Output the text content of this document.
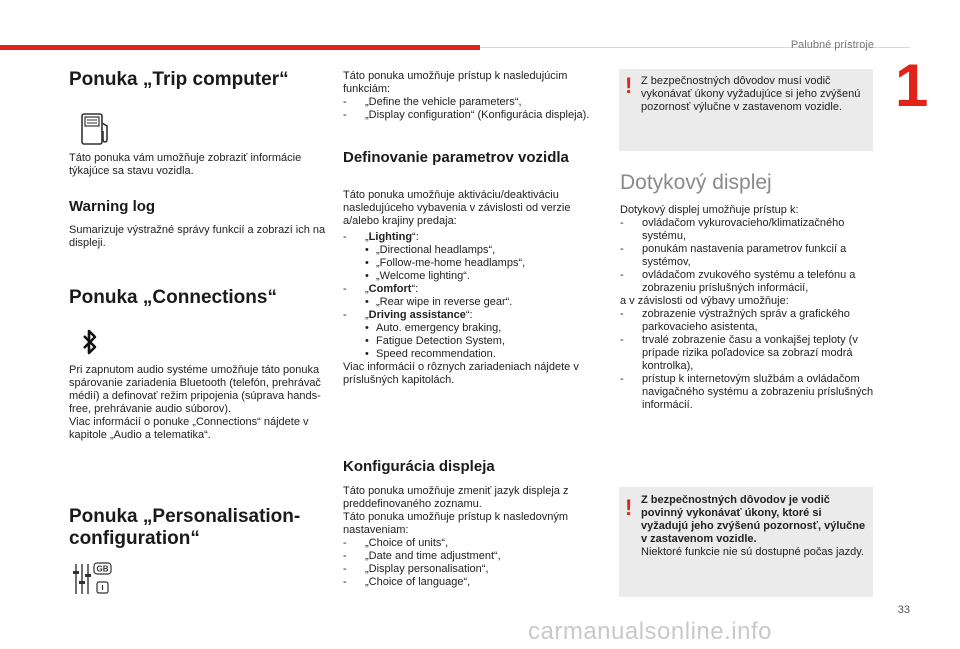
Palubné prístroje
1
Ponuka „Trip computer“

Táto ponuka vám umožňuje zobraziť informácie týkajúce sa stavu vozidla.

Warning log

Sumarizuje výstražné správy funkcií a zobrazí ich na displeji.

Ponuka „Connections“

Pri zapnutom audio systéme umožňuje táto ponuka spárovanie zariadenia Bluetooth (telefón, prehrávač médií) a definovať režim pripojenia (súprava hands-free, prehrávanie audio súborov).

Viac informácií o ponuke „Connections“ nájdete v kapitole „Audio a telematika“.

Ponuka „Personalisation-
configuration“
GB

Táto ponuka umožňuje prístup k nasledujúcim funkciám:

- „Define the vehicle parameters“,
- „Display configuration“ (Konfigurácia displeja).
Definovanie parametrov vozidla

Táto ponuka umožňuje aktiváciu/deaktiváciu nasledujúceho vybavenia v závislosti od verzie a/alebo krajiny predaja:

- „Lighting“:
• „Directional headlamps“,
• „Follow-me-home headlamps“,
• „Welcome lighting“.
- „Comfort“:
• „Rear wipe in reverse gear“.
- „Driving assistance“:
• Auto. emergency braking,
• Fatigue Detection System,
• Speed recommendation.

Viac informácií o rôznych zariadeniach nájdete v príslušných kapitolách.

Konfigurácia displeja

Táto ponuka umožňuje zmeniť jazyk displeja z preddefinovaného zoznamu.

Táto ponuka umožňuje prístup k nasledovným nastaveniam:

- „Choice of units“,
- „Date and time adjustment“,
- „Display personalisation“,
- „Choice of language“,
! Z bezpečnostných dôvodov musí vodič vykonávať úkony vyžadujúce si jeho zvýšenú pozornosť výlučne v zastavenom vozidle.
Dotykový displej

Dotykový displej umožňuje prístup k:

- ovládačom vykurovacieho/klimatizačného systému,
- ponukám nastavenia parametrov funkcií a systémov,
- ovládačom zvukového systému a telefónu a zobrazeniu príslušných informácií,

a v závislosti od výbavy umožňuje:

- zobrazenie výstražných správ a grafického parkovacieho asistenta,
- trvalé zobrazenie času a vonkajšej teploty (v prípade rizika poľadovice sa zobrazí modrá kontrolka),
- prístup k internetovým službám a ovládačom navigačného systému a zobrazeniu príslušných informácií.
! Z bezpečnostných dôvodov je vodič povinný vykonávať úkony, ktoré si vyžadujú jeho zvýšenú pozornosť, výlučne v zastavenom vozidle.
Niektoré funkcie nie sú dostupné počas jazdy.
33
carmanualsonline.info
